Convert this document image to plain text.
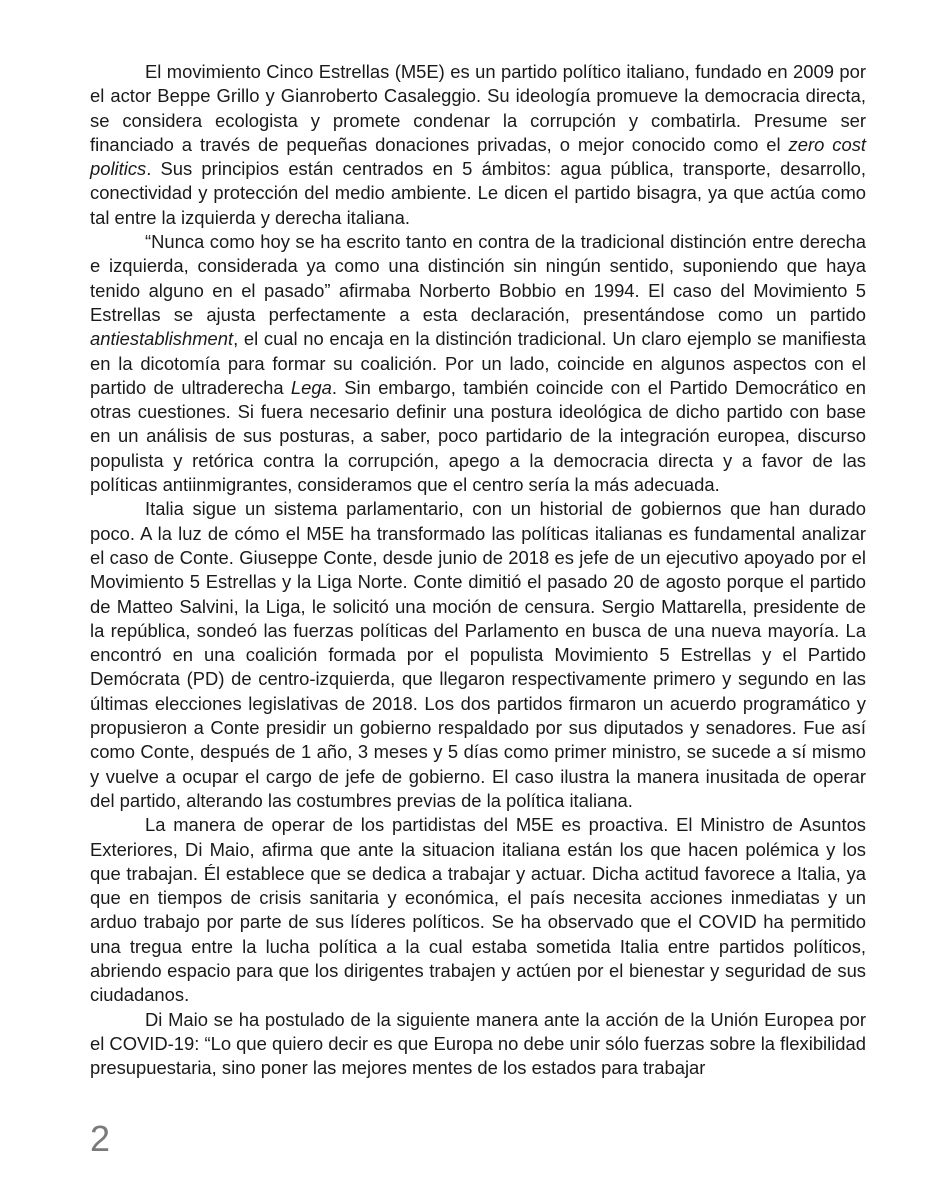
El movimiento Cinco Estrellas (M5E) es un partido político italiano, fundado en 2009 por el actor Beppe Grillo y Gianroberto Casaleggio. Su ideología promueve la democracia directa, se considera ecologista y promete condenar la corrupción y combatirla. Presume ser financiado a través de pequeñas donaciones privadas, o mejor conocido como el zero cost politics. Sus principios están centrados en 5 ámbitos: agua pública, transporte, desarrollo, conectividad y protección del medio ambiente. Le dicen el partido bisagra, ya que actúa como tal entre la izquierda y derecha italiana.

“Nunca como hoy se ha escrito tanto en contra de la tradicional distinción entre derecha e izquierda, considerada ya como una distinción sin ningún sentido, suponiendo que haya tenido alguno en el pasado” afirmaba Norberto Bobbio en 1994. El caso del Movimiento 5 Estrellas se ajusta perfectamente a esta declaración, presentándose como un partido antiestablishment, el cual no encaja en la distinción tradicional. Un claro ejemplo se manifiesta en la dicotomía para formar su coalición. Por un lado, coincide en algunos aspectos con el partido de ultraderecha Lega. Sin embargo, también coincide con el Partido Democrático en otras cuestiones. Si fuera necesario definir una postura ideológica de dicho partido con base en un análisis de sus posturas, a saber, poco partidario de la integración europea, discurso populista y retórica contra la corrupción, apego a la democracia directa y a favor de las políticas antiinmigrantes, consideramos que el centro sería la más adecuada.

Italia sigue un sistema parlamentario, con un historial de gobiernos que han durado poco. A la luz de cómo el M5E ha transformado las políticas italianas es fundamental analizar el caso de Conte. Giuseppe Conte, desde junio de 2018 es jefe de un ejecutivo apoyado por el Movimiento 5 Estrellas y la Liga Norte. Conte dimitió el pasado 20 de agosto porque el partido de Matteo Salvini, la Liga, le solicitó una moción de censura. Sergio Mattarella, presidente de la república, sondeó las fuerzas políticas del Parlamento en busca de una nueva mayoría. La encontró en una coalición formada por el populista Movimiento 5 Estrellas y el Partido Demócrata (PD) de centro-izquierda, que llegaron respectivamente primero y segundo en las últimas elecciones legislativas de 2018. Los dos partidos firmaron un acuerdo programático y propusieron a Conte presidir un gobierno respaldado por sus diputados y senadores. Fue así como Conte, después de 1 año, 3 meses y 5 días como primer ministro, se sucede a sí mismo y vuelve a ocupar el cargo de jefe de gobierno. El caso ilustra la manera inusitada de operar del partido, alterando las costumbres previas de la política italiana.

La manera de operar de los partidistas del M5E es proactiva. El Ministro de Asuntos Exteriores, Di Maio, afirma que ante la situacion italiana están los que hacen polémica y los que trabajan. Él establece que se dedica a trabajar y actuar. Dicha actitud favorece a Italia, ya que en tiempos de crisis sanitaria y económica, el país necesita acciones inmediatas y un arduo trabajo por parte de sus líderes políticos. Se ha observado que el COVID ha permitido una tregua entre la lucha política a la cual estaba sometida Italia entre partidos políticos, abriendo espacio para que los dirigentes trabajen y actúen por el bienestar y seguridad de sus ciudadanos.

Di Maio se ha postulado de la siguiente manera ante la acción de la Unión Europea por el COVID-19: “Lo que quiero decir es que Europa no debe unir sólo fuerzas sobre la flexibilidad presupuestaria, sino poner las mejores mentes de los estados para trabajar

2
